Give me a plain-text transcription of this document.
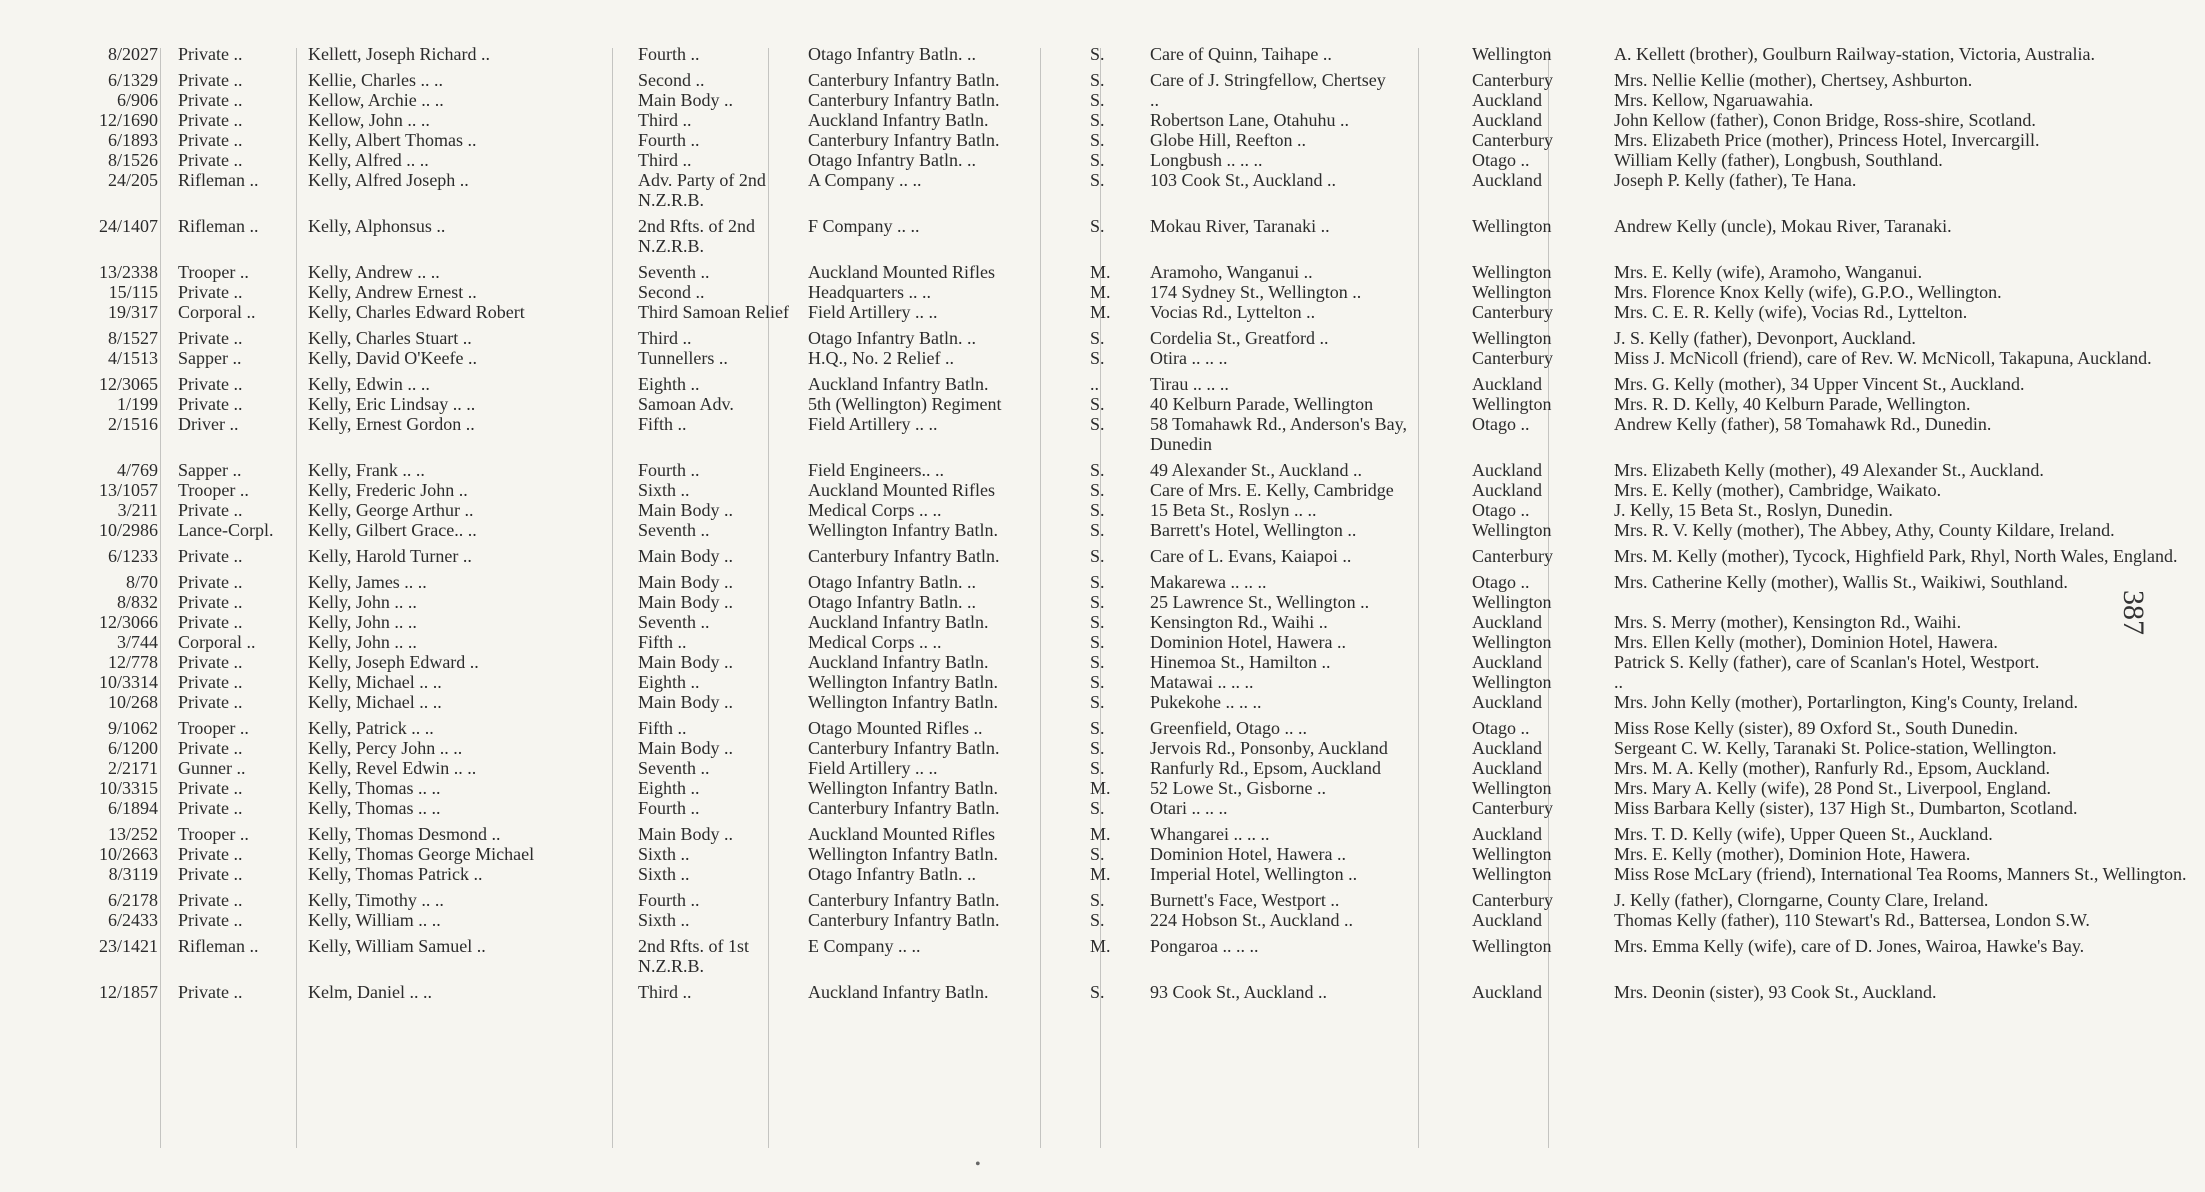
8/2027	Private ..	Kellett, Joseph Richard ..	Fourth ..	Otago Infantry Batln. ..	S.	Care of Quinn, Taihape ..	Wellington	A. Kellett (brother), Goulburn Railway-station, Victoria, Australia.
6/1329	Private ..	Kellie, Charles .. ..	Second ..	Canterbury Infantry Batln.	S.	Care of J. Stringfellow, Chertsey	Canterbury	Mrs. Nellie Kellie (mother), Chertsey, Ashburton.
6/906	Private ..	Kellow, Archie .. ..	Main Body ..	Canterbury Infantry Batln.	S.	..	Auckland	Mrs. Kellow, Ngaruawahia.
12/1690	Private ..	Kellow, John .. ..	Third ..	Auckland Infantry Batln.	S.	Robertson Lane, Otahuhu ..	Auckland	John Kellow (father), Conon Bridge, Ross-shire, Scotland.
6/1893	Private ..	Kelly, Albert Thomas ..	Fourth ..	Canterbury Infantry Batln.	S.	Globe Hill, Reefton ..	Canterbury	Mrs. Elizabeth Price (mother), Princess Hotel, Invercargill.
8/1526	Private ..	Kelly, Alfred .. ..	Third ..	Otago Infantry Batln. ..	S.	Longbush .. .. ..	Otago ..	William Kelly (father), Longbush, Southland.
24/205	Rifleman ..	Kelly, Alfred Joseph ..	Adv. Party of 2nd N.Z.R.B.	A Company .. ..	S.	103 Cook St., Auckland ..	Auckland	Joseph P. Kelly (father), Te Hana.
24/1407	Rifleman ..	Kelly, Alphonsus ..	2nd Rfts. of 2nd N.Z.R.B.	F Company .. ..	S.	Mokau River, Taranaki ..	Wellington	Andrew Kelly (uncle), Mokau River, Taranaki.
13/2338	Trooper ..	Kelly, Andrew .. ..	Seventh ..	Auckland Mounted Rifles	M.	Aramoho, Wanganui ..	Wellington	Mrs. E. Kelly (wife), Aramoho, Wanganui.
15/115	Private ..	Kelly, Andrew Ernest ..	Second ..	Headquarters .. ..	M.	174 Sydney St., Wellington ..	Wellington	Mrs. Florence Knox Kelly (wife), G.P.O., Wellington.
19/317	Corporal ..	Kelly, Charles Edward Robert	Third Samoan Relief	Field Artillery .. ..	M.	Vocias Rd., Lyttelton ..	Canterbury	Mrs. C. E. R. Kelly (wife), Vocias Rd., Lyttelton.
8/1527	Private ..	Kelly, Charles Stuart ..	Third ..	Otago Infantry Batln. ..	S.	Cordelia St., Greatford ..	Wellington	J. S. Kelly (father), Devonport, Auckland.
4/1513	Sapper ..	Kelly, David O'Keefe ..	Tunnellers ..	H.Q., No. 2 Relief ..	S.	Otira .. .. ..	Canterbury	Miss J. McNicoll (friend), care of Rev. W. McNicoll, Takapuna, Auckland.
12/3065	Private ..	Kelly, Edwin .. ..	Eighth ..	Auckland Infantry Batln.	..	Tirau .. .. ..	Auckland	Mrs. G. Kelly (mother), 34 Upper Vincent St., Auckland.
1/199	Private ..	Kelly, Eric Lindsay .. ..	Samoan Adv.	5th (Wellington) Regiment	S.	40 Kelburn Parade, Wellington	Wellington	Mrs. R. D. Kelly, 40 Kelburn Parade, Wellington.
2/1516	Driver ..	Kelly, Ernest Gordon ..	Fifth ..	Field Artillery .. ..	S.	58 Tomahawk Rd., Anderson's Bay, Dunedin	Otago ..	Andrew Kelly (father), 58 Tomahawk Rd., Dunedin.
4/769	Sapper ..	Kelly, Frank .. ..	Fourth ..	Field Engineers.. ..	S.	49 Alexander St., Auckland ..	Auckland	Mrs. Elizabeth Kelly (mother), 49 Alexander St., Auckland.
13/1057	Trooper ..	Kelly, Frederic John ..	Sixth ..	Auckland Mounted Rifles	S.	Care of Mrs. E. Kelly, Cambridge	Auckland	Mrs. E. Kelly (mother), Cambridge, Waikato.
3/211	Private ..	Kelly, George Arthur ..	Main Body ..	Medical Corps .. ..	S.	15 Beta St., Roslyn .. ..	Otago ..	J. Kelly, 15 Beta St., Roslyn, Dunedin.
10/2986	Lance-Corpl.	Kelly, Gilbert Grace.. ..	Seventh ..	Wellington Infantry Batln.	S.	Barrett's Hotel, Wellington ..	Wellington	Mrs. R. V. Kelly (mother), The Abbey, Athy, County Kildare, Ireland.
6/1233	Private ..	Kelly, Harold Turner ..	Main Body ..	Canterbury Infantry Batln.	S.	Care of L. Evans, Kaiapoi ..	Canterbury	Mrs. M. Kelly (mother), Tycock, Highfield Park, Rhyl, North Wales, England.
8/70	Private ..	Kelly, James .. ..	Main Body ..	Otago Infantry Batln. ..	S.	Makarewa .. .. ..	Otago ..	Mrs. Catherine Kelly (mother), Wallis St., Waikiwi, Southland.
8/832	Private ..	Kelly, John .. ..	Main Body ..	Otago Infantry Batln. ..	S.	25 Lawrence St., Wellington ..	Wellington	
12/3066	Private ..	Kelly, John .. ..	Seventh ..	Auckland Infantry Batln.	S.	Kensington Rd., Waihi ..	Auckland	Mrs. S. Merry (mother), Kensington Rd., Waihi.
3/744	Corporal ..	Kelly, John .. ..	Fifth ..	Medical Corps .. ..	S.	Dominion Hotel, Hawera ..	Wellington	Mrs. Ellen Kelly (mother), Dominion Hotel, Hawera.
12/778	Private ..	Kelly, Joseph Edward ..	Main Body ..	Auckland Infantry Batln.	S.	Hinemoa St., Hamilton ..	Auckland	Patrick S. Kelly (father), care of Scanlan's Hotel, Westport.
10/3314	Private ..	Kelly, Michael .. ..	Eighth ..	Wellington Infantry Batln.	S.	Matawai .. .. ..	Wellington	..
10/268	Private ..	Kelly, Michael .. ..	Main Body ..	Wellington Infantry Batln.	S.	Pukekohe .. .. ..	Auckland	Mrs. John Kelly (mother), Portarlington, King's County, Ireland.
9/1062	Trooper ..	Kelly, Patrick .. ..	Fifth ..	Otago Mounted Rifles ..	S.	Greenfield, Otago .. ..	Otago ..	Miss Rose Kelly (sister), 89 Oxford St., South Dunedin.
6/1200	Private ..	Kelly, Percy John .. ..	Main Body ..	Canterbury Infantry Batln.	S.	Jervois Rd., Ponsonby, Auckland	Auckland	Sergeant C. W. Kelly, Taranaki St. Police-station, Wellington.
2/2171	Gunner ..	Kelly, Revel Edwin .. ..	Seventh ..	Field Artillery .. ..	S.	Ranfurly Rd., Epsom, Auckland	Auckland	Mrs. M. A. Kelly (mother), Ranfurly Rd., Epsom, Auckland.
10/3315	Private ..	Kelly, Thomas .. ..	Eighth ..	Wellington Infantry Batln.	M.	52 Lowe St., Gisborne ..	Wellington	Mrs. Mary A. Kelly (wife), 28 Pond St., Liverpool, England.
6/1894	Private ..	Kelly, Thomas .. ..	Fourth ..	Canterbury Infantry Batln.	S.	Otari .. .. ..	Canterbury	Miss Barbara Kelly (sister), 137 High St., Dumbarton, Scotland.
13/252	Trooper ..	Kelly, Thomas Desmond ..	Main Body ..	Auckland Mounted Rifles	M.	Whangarei .. .. ..	Auckland	Mrs. T. D. Kelly (wife), Upper Queen St., Auckland.
10/2663	Private ..	Kelly, Thomas George Michael	Sixth ..	Wellington Infantry Batln.	S.	Dominion Hotel, Hawera ..	Wellington	Mrs. E. Kelly (mother), Dominion Hote, Hawera.
8/3119	Private ..	Kelly, Thomas Patrick ..	Sixth ..	Otago Infantry Batln. ..	M.	Imperial Hotel, Wellington ..	Wellington	Miss Rose McLary (friend), International Tea Rooms, Manners St., Wellington.
6/2178	Private ..	Kelly, Timothy .. ..	Fourth ..	Canterbury Infantry Batln.	S.	Burnett's Face, Westport ..	Canterbury	J. Kelly (father), Clorngarne, County Clare, Ireland.
6/2433	Private ..	Kelly, William .. ..	Sixth ..	Canterbury Infantry Batln.	S.	224 Hobson St., Auckland ..	Auckland	Thomas Kelly (father), 110 Stewart's Rd., Battersea, London S.W.
23/1421	Rifleman ..	Kelly, William Samuel ..	2nd Rfts. of 1st N.Z.R.B.	E Company .. ..	M.	Pongaroa .. .. ..	Wellington	Mrs. Emma Kelly (wife), care of D. Jones, Wairoa, Hawke's Bay.
12/1857	Private ..	Kelm, Daniel .. ..	Third ..	Auckland Infantry Batln.	S.	93 Cook St., Auckland ..	Auckland	Mrs. Deonin (sister), 93 Cook St., Auckland.
387
•
